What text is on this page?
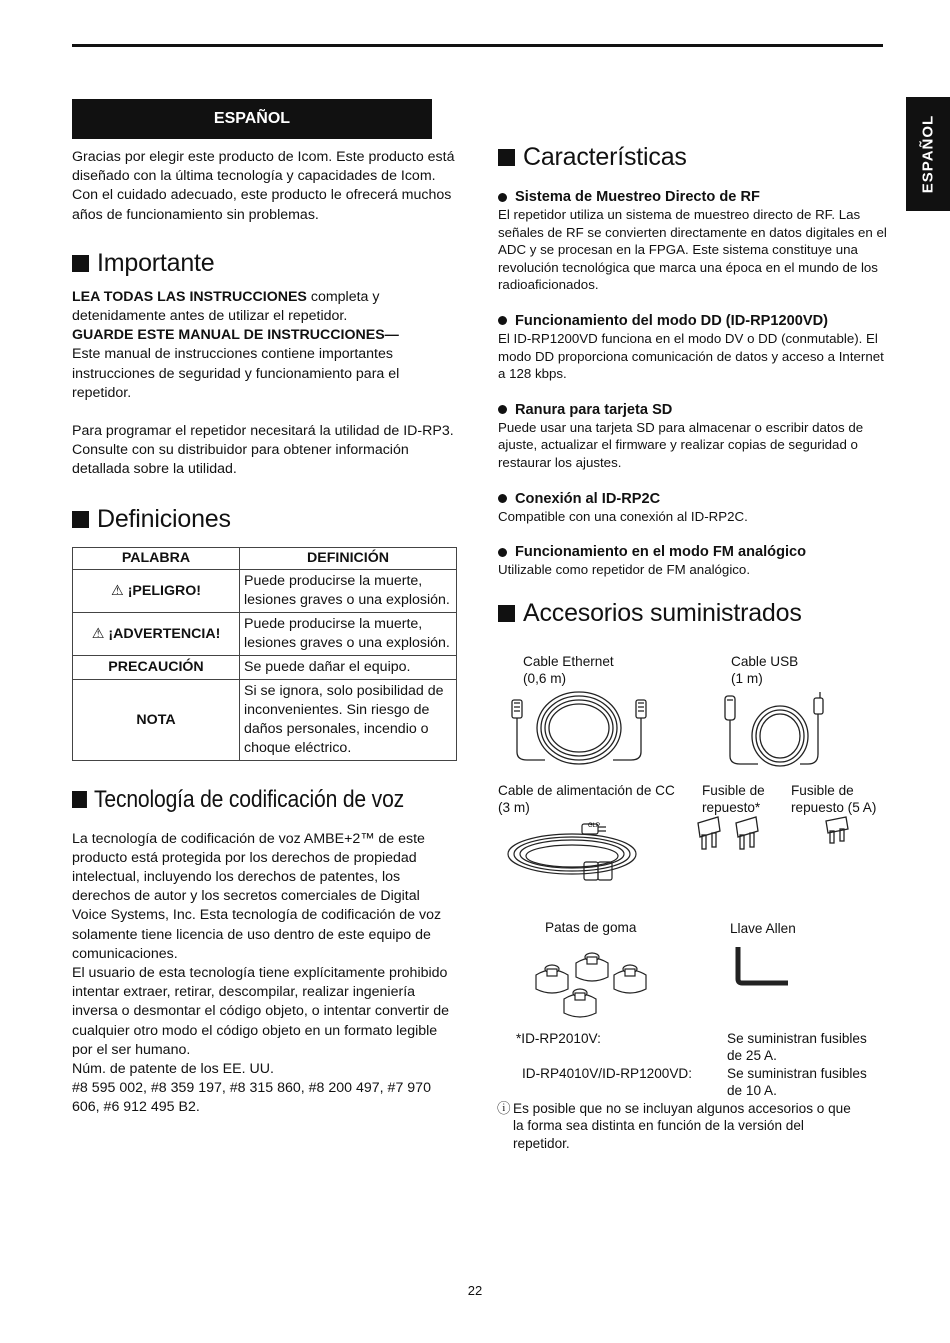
ESPAÑOL
ESPAÑOL

Gracias por elegir este producto de Icom. Este producto está diseñado con la última tecnología y capacidades de Icom. Con el cuidado adecuado, este producto le ofrecerá muchos años de funcionamiento sin problemas.

Importante

LEA TODAS LAS INSTRUCCIONES completa y detenidamente antes de utilizar el repetidor.

GUARDE ESTE MANUAL DE INSTRUCCIONES—
Este manual de instrucciones contiene importantes instrucciones de seguridad y funcionamiento para el repetidor.

Para programar el repetidor necesitará la utilidad de ID-RP3. Consulte con su distribuidor para obtener información detallada sobre la utilidad.

Definiciones
PALABRA	DEFINICIÓN
⚠ ¡PELIGRO!	Puede producirse la muerte, lesiones graves o una explosión.
⚠ ¡ADVERTENCIA!	Puede producirse la muerte, lesiones graves o una explosión.
PRECAUCIÓN	Se puede dañar el equipo.
NOTA	Si se ignora, solo posibilidad de inconvenientes. Sin riesgo de daños personales, incendio o choque eléctrico.
Tecnología de codificación de voz

La tecnología de codificación de voz AMBE+2™ de este producto está protegida por los derechos de propiedad intelectual, incluyendo los derechos de patentes, los derechos de autor y los secretos comerciales de Digital Voice Systems, Inc. Esta tecnología de codificación de voz solamente tiene licencia de uso dentro de este equipo de comunicaciones.

El usuario de esta tecnología tiene explícitamente prohibido intentar extraer, retirar, descompilar, realizar ingeniería inversa o desmontar el código objeto, o intentar convertir de cualquier otro modo el código objeto en un formato legible por el ser humano.

Núm. de patente de los EE. UU.

#8 595 002, #8 359 197, #8 315 860, #8 200 497, #7 970 606, #6 912 495 B2.

Características
Sistema de Muestreo Directo de RF

El repetidor utiliza un sistema de muestreo directo de RF. Las señales de RF se convierten directamente en datos digitales en el ADC y se procesan en la FPGA. Este sistema constituye una revolución tecnológica que marca una época en el mundo de los radioaficionados.

Funcionamiento del modo DD (ID-RP1200VD)

El ID-RP1200VD funciona en el modo DV o DD (conmutable). El modo DD proporciona comunicación de datos y acceso a Internet a 128 kbps.

Ranura para tarjeta SD

Puede usar una tarjeta SD para almacenar o escribir datos de ajuste, actualizar el firmware y realizar copias de seguridad o restaurar los ajustes.

Conexión al ID-RP2C

Compatible con una conexión al ID-RP2C.

Funcionamiento en el modo FM analógico

Utilizable como repetidor de FM analógico.

Accesorios suministrados
Cable Ethernet
(0,6 m)
Cable USB
(1 m)
Cable de alimentación de CC
(3 m)
GLP
Fusible de
repuesto*
Fusible de
repuesto (5 A)
Patas de goma	Llave Allen
*ID-RP2010V:	Se suministran fusibles
de 25 A.
ID-RP4010V/ID-RP1200VD:	Se suministran fusibles
de 10 A.
ⓘ Es posible que no se incluyan algunos accesorios o que la forma sea distinta en función de la versión del repetidor.
22
